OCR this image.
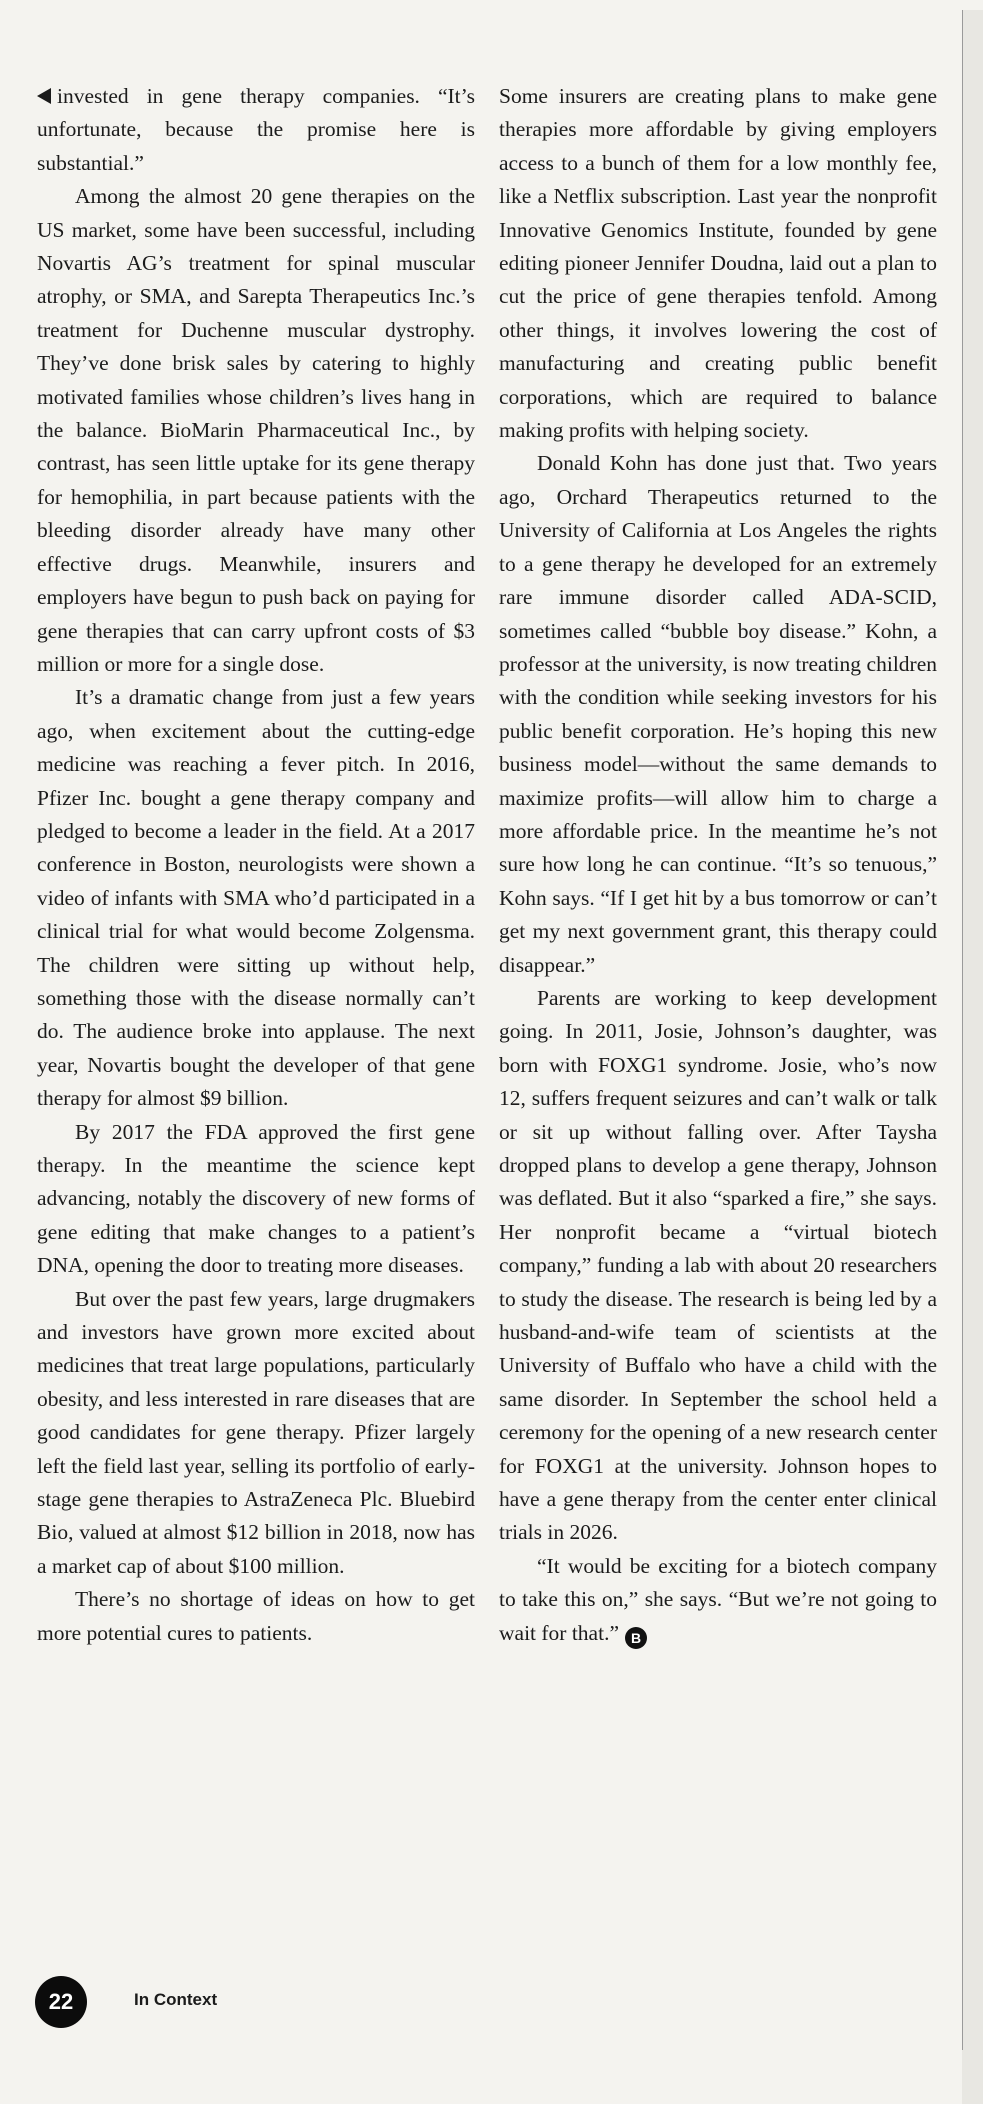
invested in gene therapy companies. “It’s unfortunate, because the promise here is substantial.”

Among the almost 20 gene therapies on the US market, some have been successful, including Novartis AG’s treatment for spinal muscular atrophy, or SMA, and Sarepta Therapeutics Inc.’s treatment for Duchenne muscular dystrophy. They’ve done brisk sales by catering to highly motivated families whose children’s lives hang in the balance. BioMarin Pharmaceutical Inc., by contrast, has seen little uptake for its gene therapy for hemophilia, in part because patients with the bleeding disorder already have many other effective drugs. Meanwhile, insurers and employers have begun to push back on paying for gene therapies that can carry upfront costs of $3 million or more for a single dose.

It’s a dramatic change from just a few years ago, when excitement about the cutting-edge medicine was reaching a fever pitch. In 2016, Pfizer Inc. bought a gene therapy company and pledged to become a leader in the field. At a 2017 conference in Boston, neurologists were shown a video of infants with SMA who’d participated in a clinical trial for what would become Zolgensma. The children were sitting up without help, something those with the disease normally can’t do. The audience broke into applause. The next year, Novartis bought the developer of that gene therapy for almost $9 billion.

By 2017 the FDA approved the first gene therapy. In the meantime the science kept advancing, notably the discovery of new forms of gene editing that make changes to a patient’s DNA, opening the door to treating more diseases.

But over the past few years, large drugmakers and investors have grown more excited about medicines that treat large populations, particularly obesity, and less interested in rare diseases that are good candidates for gene therapy. Pfizer largely left the field last year, selling its portfolio of early-stage gene therapies to AstraZeneca Plc. Bluebird Bio, valued at almost $12 billion in 2018, now has a market cap of about $100 million.

There’s no shortage of ideas on how to get more potential cures to patients.

Some insurers are creating plans to make gene therapies more affordable by giving employers access to a bunch of them for a low monthly fee, like a Netflix subscription. Last year the nonprofit Innovative Genomics Institute, founded by gene editing pioneer Jennifer Doudna, laid out a plan to cut the price of gene therapies tenfold. Among other things, it involves lowering the cost of manufacturing and creating public benefit corporations, which are required to balance making profits with helping society.

Donald Kohn has done just that. Two years ago, Orchard Therapeutics returned to the University of California at Los Angeles the rights to a gene therapy he developed for an extremely rare immune disorder called ADA-SCID, sometimes called “bubble boy disease.” Kohn, a professor at the university, is now treating children with the condition while seeking investors for his public benefit corporation. He’s hoping this new business model—without the same demands to maximize profits—will allow him to charge a more affordable price. In the meantime he’s not sure how long he can continue. “It’s so tenuous,” Kohn says. “If I get hit by a bus tomorrow or can’t get my next government grant, this therapy could disappear.”

Parents are working to keep development going. In 2011, Josie, Johnson’s daughter, was born with FOXG1 syndrome. Josie, who’s now 12, suffers frequent seizures and can’t walk or talk or sit up without falling over. After Taysha dropped plans to develop a gene therapy, Johnson was deflated. But it also “sparked a fire,” she says. Her nonprofit became a “virtual biotech company,” funding a lab with about 20 researchers to study the disease. The research is being led by a husband-and-wife team of scientists at the University of Buffalo who have a child with the same disorder. In September the school held a ceremony for the opening of a new research center for FOXG1 at the university. Johnson hopes to have a gene therapy from the center enter clinical trials in 2026.

“It would be exciting for a biotech company to take this on,” she says. “But we’re not going to wait for that.” B

22	In Context
